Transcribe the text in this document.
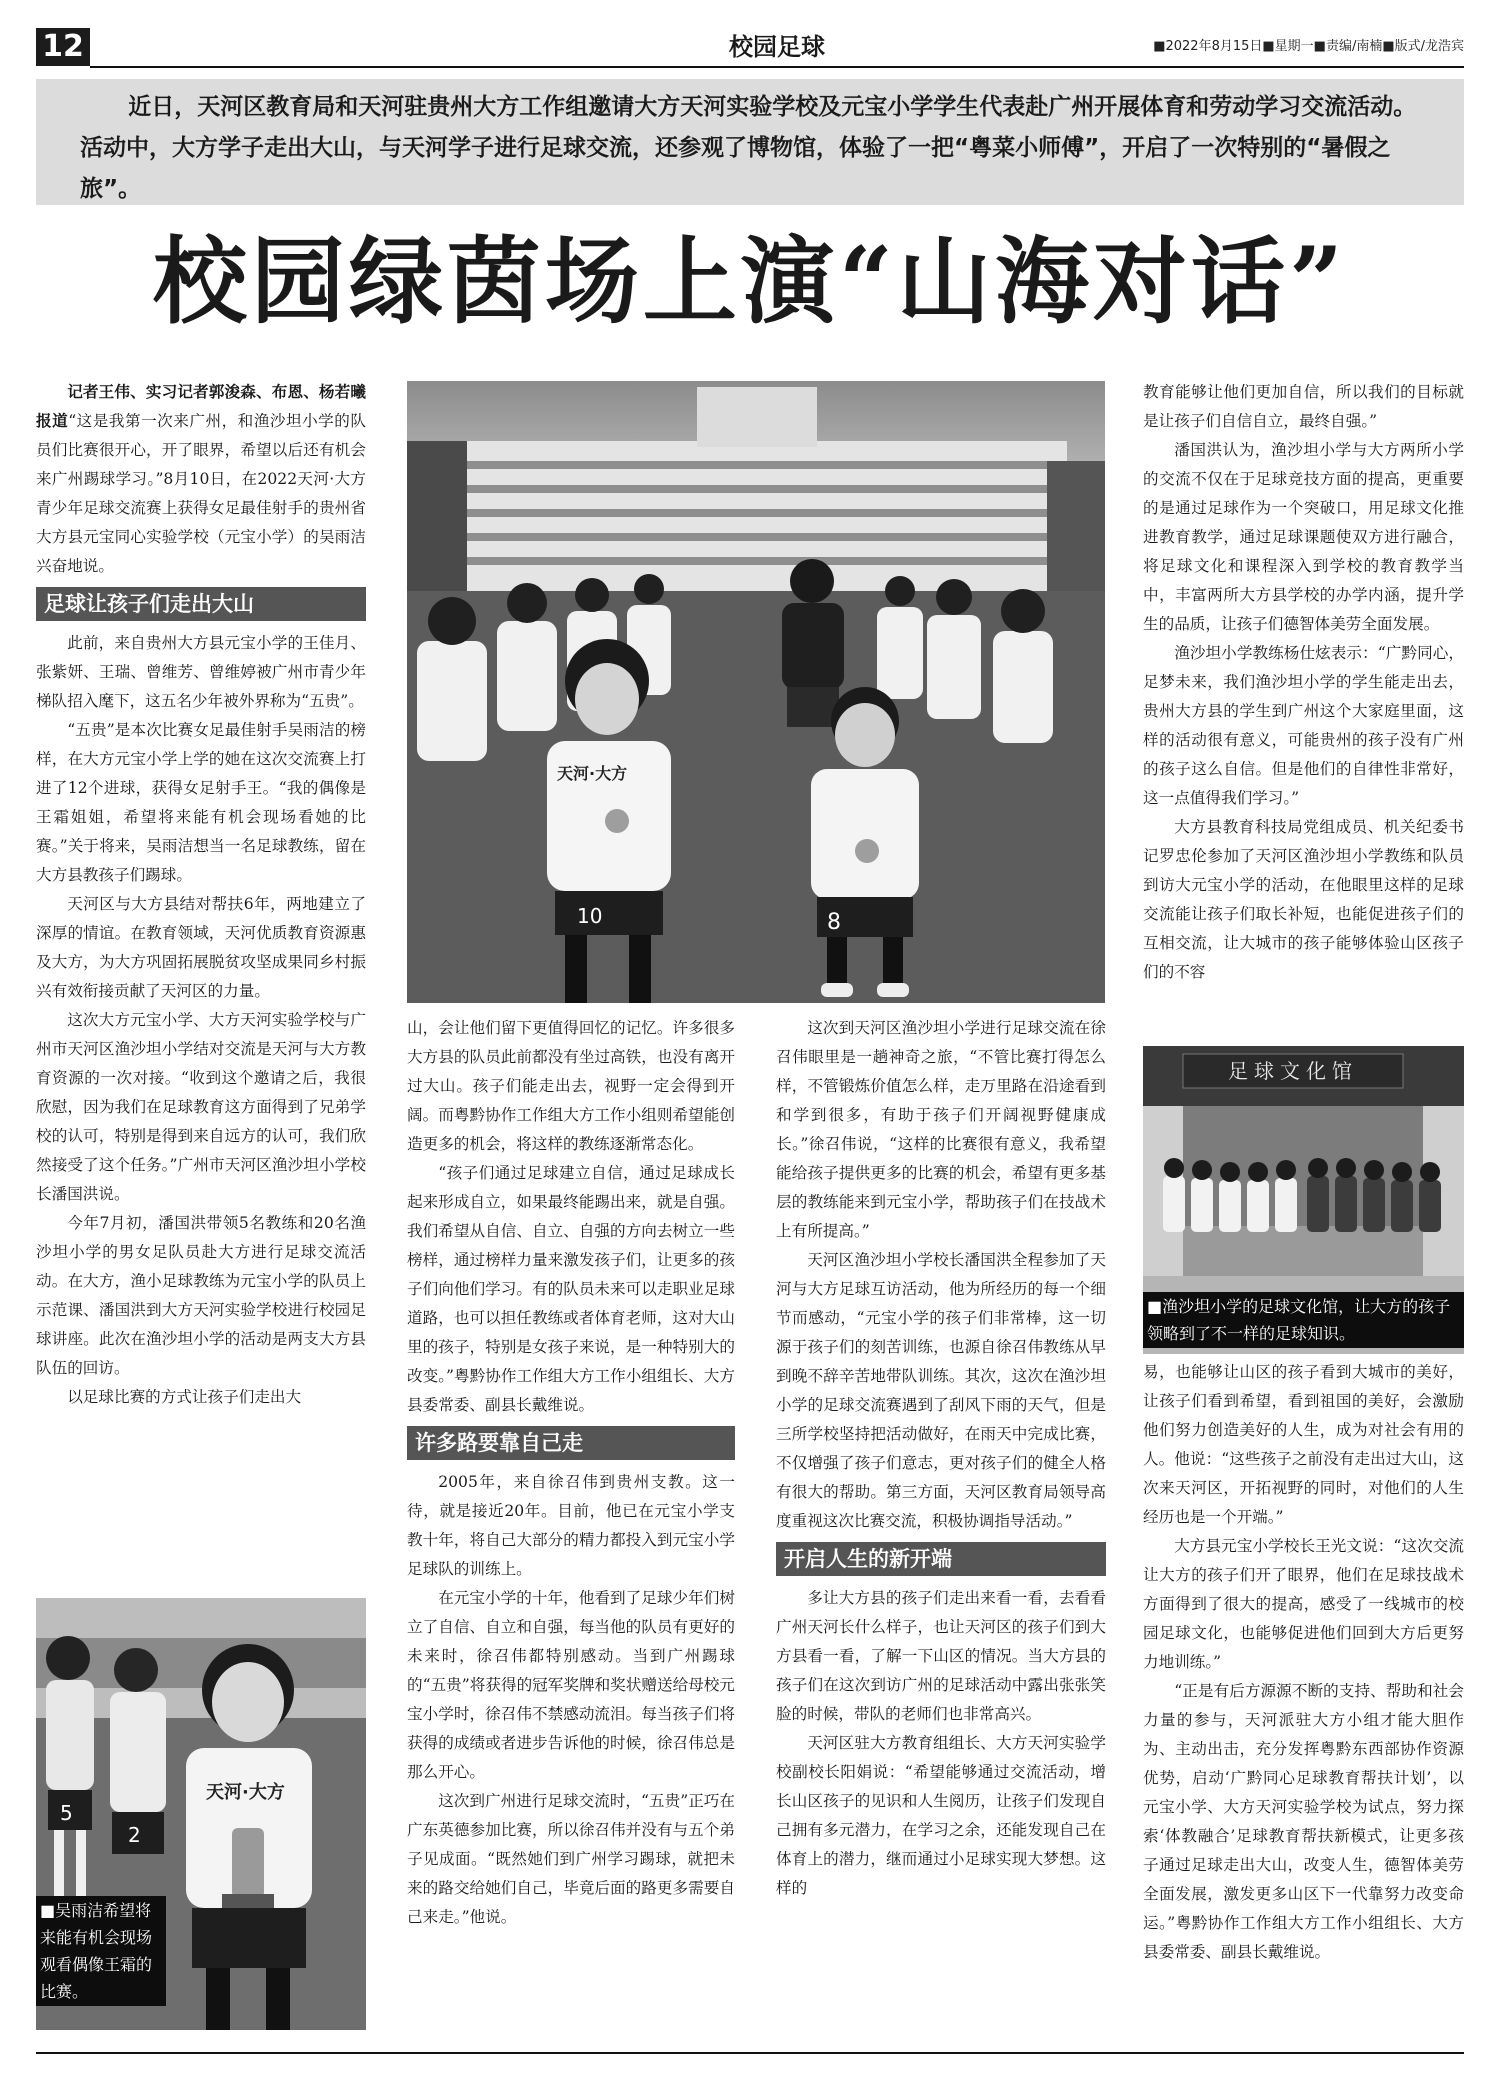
12	校园足球	■2022年8月15日■星期一■责编/南楠■版式/龙浩宾
近日，天河区教育局和天河驻贵州大方工作组邀请大方天河实验学校及元宝小学学生代表赴广州开展体育和劳动学习交流活动。活动中，大方学子走出大山，与天河学子进行足球交流，还参观了博物馆，体验了一把“粤菜小师傅”，开启了一次特别的“暑假之旅”。
校园绿茵场上演“山海对话”

记者王伟、实习记者郭浚森、布恩、杨若曦报道“这是我第一次来广州，和渔沙坦小学的队员们比赛很开心，开了眼界，希望以后还有机会来广州踢球学习。”8月10日，在2022天河·大方青少年足球交流赛上获得女足最佳射手的贵州省大方县元宝同心实验学校（元宝小学）的吴雨洁兴奋地说。

足球让孩子们走出大山

此前，来自贵州大方县元宝小学的王佳月、张紫妍、王瑞、曾维芳、曾维婷被广州市青少年梯队招入麾下，这五名少年被外界称为“五贵”。

“五贵”是本次比赛女足最佳射手吴雨洁的榜样，在大方元宝小学上学的她在这次交流赛上打进了12个进球，获得女足射手王。“我的偶像是王霜姐姐，希望将来能有机会现场看她的比赛。”关于将来，吴雨洁想当一名足球教练，留在大方县教孩子们踢球。

天河区与大方县结对帮扶6年，两地建立了深厚的情谊。在教育领域，天河优质教育资源惠及大方，为大方巩固拓展脱贫攻坚成果同乡村振兴有效衔接贡献了天河区的力量。

这次大方元宝小学、大方天河实验学校与广州市天河区渔沙坦小学结对交流是天河与大方教育资源的一次对接。“收到这个邀请之后，我很欣慰，因为我们在足球教育这方面得到了兄弟学校的认可，特别是得到来自远方的认可，我们欣然接受了这个任务。”广州市天河区渔沙坦小学校长潘国洪说。

今年7月初，潘国洪带领5名教练和20名渔沙坦小学的男女足队员赴大方进行足球交流活动。在大方，渔小足球教练为元宝小学的队员上示范课、潘国洪到大方天河实验学校进行校园足球讲座。此次在渔沙坦小学的活动是两支大方县队伍的回访。

以足球比赛的方式让孩子们走出大

5
2
天河·大方
■吴雨洁希望将来能有机会现场观看偶像王霜的比赛。
天河·大方
10	8

山，会让他们留下更值得回忆的记忆。许多很多大方县的队员此前都没有坐过高铁，也没有离开过大山。孩子们能走出去，视野一定会得到开阔。而粤黔协作工作组大方工作小组则希望能创造更多的机会，将这样的教练逐渐常态化。

“孩子们通过足球建立自信，通过足球成长起来形成自立，如果最终能踢出来，就是自强。我们希望从自信、自立、自强的方向去树立一些榜样，通过榜样力量来激发孩子们，让更多的孩子们向他们学习。有的队员未来可以走职业足球道路，也可以担任教练或者体育老师，这对大山里的孩子，特别是女孩子来说，是一种特别大的改变。”粤黔协作工作组大方工作小组组长、大方县委常委、副县长戴维说。

许多路要靠自己走

2005年，来自徐召伟到贵州支教。这一待，就是接近20年。目前，他已在元宝小学支教十年，将自己大部分的精力都投入到元宝小学足球队的训练上。

在元宝小学的十年，他看到了足球少年们树立了自信、自立和自强，每当他的队员有更好的未来时，徐召伟都特别感动。当到广州踢球的“五贵”将获得的冠军奖牌和奖状赠送给母校元宝小学时，徐召伟不禁感动流泪。每当孩子们将获得的成绩或者进步告诉他的时候，徐召伟总是那么开心。

这次到广州进行足球交流时，“五贵”正巧在广东英德参加比赛，所以徐召伟并没有与五个弟子见成面。“既然她们到广州学习踢球，就把未来的路交给她们自己，毕竟后面的路更多需要自己来走。”他说。

这次到天河区渔沙坦小学进行足球交流在徐召伟眼里是一趟神奇之旅，“不管比赛打得怎么样，不管锻炼价值怎么样，走万里路在沿途看到和学到很多，有助于孩子们开阔视野健康成长。”徐召伟说，“这样的比赛很有意义，我希望能给孩子提供更多的比赛的机会，希望有更多基层的教练能来到元宝小学，帮助孩子们在技战术上有所提高。”

天河区渔沙坦小学校长潘国洪全程参加了天河与大方足球互访活动，他为所经历的每一个细节而感动，“元宝小学的孩子们非常棒，这一切源于孩子们的刻苦训练，也源自徐召伟教练从早到晚不辞辛苦地带队训练。其次，这次在渔沙坦小学的足球交流赛遇到了刮风下雨的天气，但是三所学校坚持把活动做好，在雨天中完成比赛，不仅增强了孩子们意志，更对孩子们的健全人格有很大的帮助。第三方面，天河区教育局领导高度重视这次比赛交流，积极协调指导活动。”

开启人生的新开端

多让大方县的孩子们走出来看一看，去看看广州天河长什么样子，也让天河区的孩子们到大方县看一看，了解一下山区的情况。当大方县的孩子们在这次到访广州的足球活动中露出张张笑脸的时候，带队的老师们也非常高兴。

天河区驻大方教育组组长、大方天河实验学校副校长阳娟说：“希望能够通过交流活动，增长山区孩子的见识和人生阅历，让孩子们发现自己拥有多元潜力，在学习之余，还能发现自己在体育上的潜力，继而通过小足球实现大梦想。这样的

教育能够让他们更加自信，所以我们的目标就是让孩子们自信自立，最终自强。”

潘国洪认为，渔沙坦小学与大方两所小学的交流不仅在于足球竞技方面的提高，更重要的是通过足球作为一个突破口，用足球文化推进教育教学，通过足球课题使双方进行融合，将足球文化和课程深入到学校的教育教学当中，丰富两所大方县学校的办学内涵，提升学生的品质，让孩子们德智体美劳全面发展。

渔沙坦小学教练杨仕炫表示：“广黔同心，足梦未来，我们渔沙坦小学的学生能走出去，贵州大方县的学生到广州这个大家庭里面，这样的活动很有意义，可能贵州的孩子没有广州的孩子这么自信。但是他们的自律性非常好，这一点值得我们学习。”

大方县教育科技局党组成员、机关纪委书记罗忠伦参加了天河区渔沙坦小学教练和队员到访大元宝小学的活动，在他眼里这样的足球交流能让孩子们取长补短，也能促进孩子们的互相交流，让大城市的孩子能够体验山区孩子们的不容

足球文化馆
■渔沙坦小学的足球文化馆，让大方的孩子领略到了不一样的足球知识。

易，也能够让山区的孩子看到大城市的美好，让孩子们看到希望，看到祖国的美好，会激励他们努力创造美好的人生，成为对社会有用的人。他说：“这些孩子之前没有走出过大山，这次来天河区，开拓视野的同时，对他们的人生经历也是一个开端。”

大方县元宝小学校长王光文说：“这次交流让大方的孩子们开了眼界，他们在足球技战术方面得到了很大的提高，感受了一线城市的校园足球文化，也能够促进他们回到大方后更努力地训练。”

“正是有后方源源不断的支持、帮助和社会力量的参与，天河派驻大方小组才能大胆作为、主动出击，充分发挥粤黔东西部协作资源优势，启动‘广黔同心足球教育帮扶计划’，以元宝小学、大方天河实验学校为试点，努力探索‘体教融合’足球教育帮扶新模式，让更多孩子通过足球走出大山，改变人生，德智体美劳全面发展，激发更多山区下一代靠努力改变命运。”粤黔协作工作组大方工作小组组长、大方县委常委、副县长戴维说。
